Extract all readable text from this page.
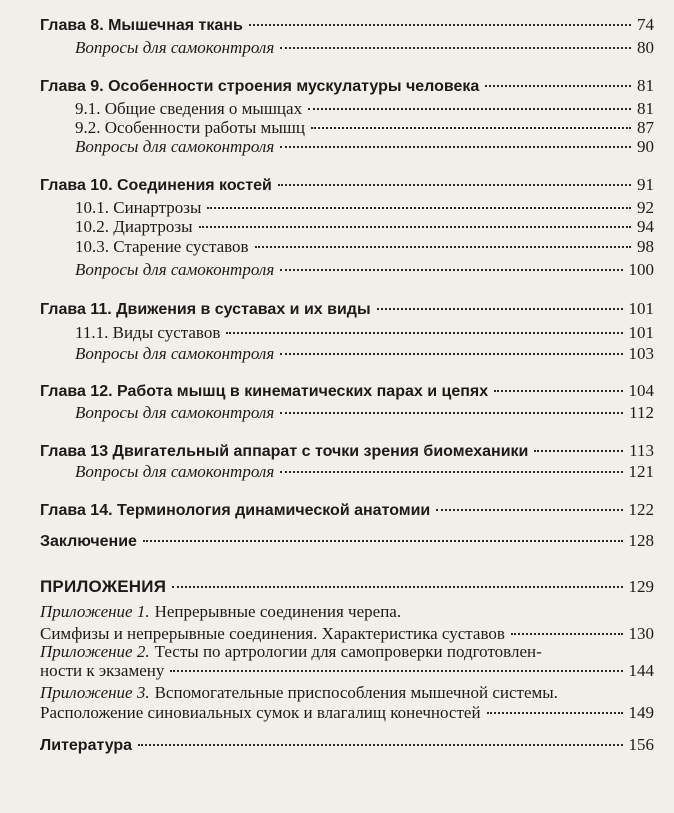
Глава 8. Мышечная ткань	74
Вопросы для самоконтроля	80
Глава 9. Особенности строения мускулатуры человека	81
9.1. Общие сведения о мышцах	81
9.2. Особенности работы мышц	87
Вопросы для самоконтроля	90
Глава 10. Соединения костей	91
10.1. Синартрозы	92
10.2. Диартрозы	94
10.3. Старение суставов	98
Вопросы для самоконтроля	100
Глава 11. Движения в суставах и их виды	101
11.1. Виды суставов	101
Вопросы для самоконтроля	103
Глава 12. Работа мышц в кинематических парах и цепях	104
Вопросы для самоконтроля	112
Глава 13 Двигательный аппарат с точки зрения биомеханики	113
Вопросы для самоконтроля	121
Глава 14. Терминология динамической анатомии	122
Заключение	128
ПРИЛОЖЕНИЯ	129
Приложение 1. Непрерывные соединения черепа.
Симфизы и непрерывные соединения. Характеристика суставов	130
Приложение 2. Тесты по артрологии для самопроверки подготовлен-
ности к экзамену	144
Приложение 3. Вспомогательные приспособления мышечной системы.
Расположение синовиальных сумок и влагалищ конечностей	149
Литература	156
